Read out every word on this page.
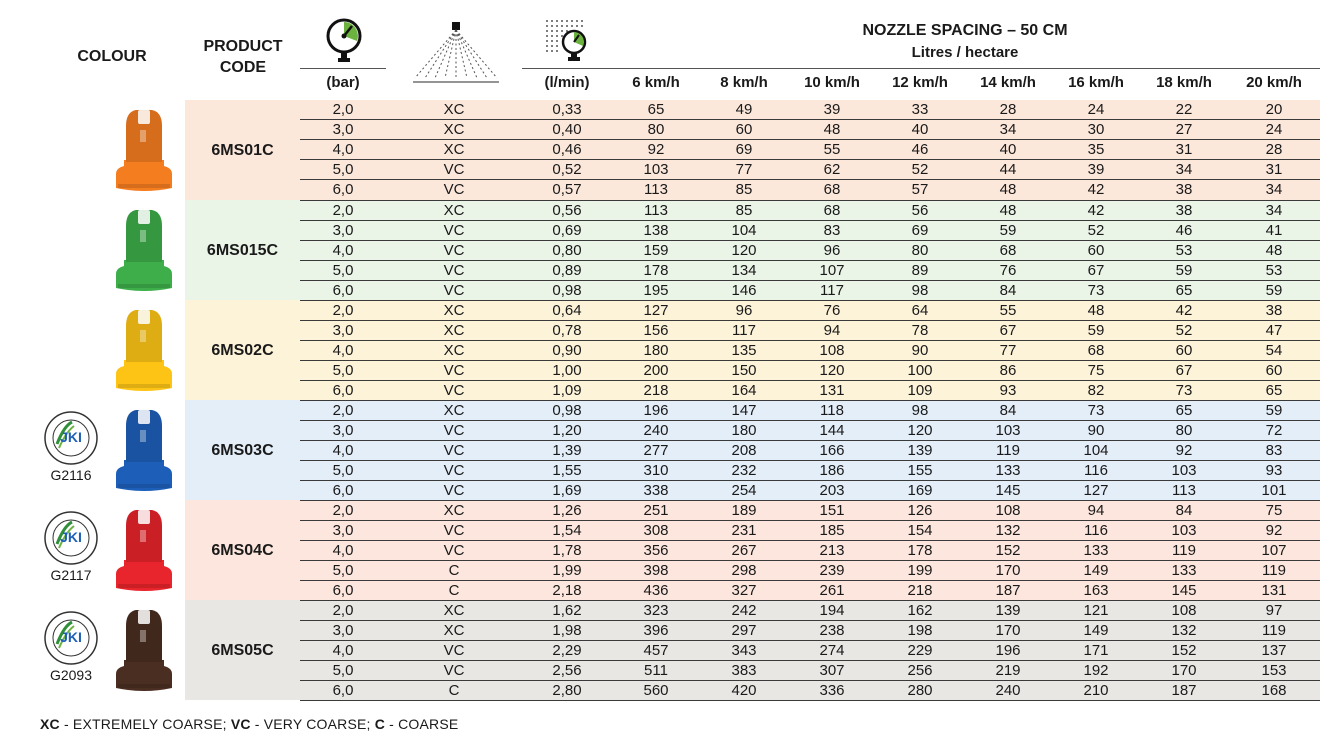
COLOUR
PRODUCT CODE
NOZZLE SPACING – 50 CM
Litres / hectare
(bar)	(l/min)	6 km/h	8 km/h	10 km/h	12 km/h	14 km/h	16 km/h	18 km/h	20 km/h
	6MS01C	2,0	XC	0,33	65	49	39	33	28	24	22	20
		3,0	XC	0,40	80	60	48	40	34	30	27	24
		4,0	XC	0,46	92	69	55	46	40	35	31	28
		5,0	VC	0,52	103	77	62	52	44	39	34	31
		6,0	VC	0,57	113	85	68	57	48	42	38	34

	6MS015C	2,0	XC	0,56	113	85	68	56	48	42	38	34
		3,0	VC	0,69	138	104	83	69	59	52	46	41
		4,0	VC	0,80	159	120	96	80	68	60	53	48
		5,0	VC	0,89	178	134	107	89	76	67	59	53
		6,0	VC	0,98	195	146	117	98	84	73	65	59

	6MS02C	2,0	XC	0,64	127	96	76	64	55	48	42	38
		3,0	XC	0,78	156	117	94	78	67	59	52	47
		4,0	XC	0,90	180	135	108	90	77	68	60	54
		5,0	VC	1,00	200	150	120	100	86	75	67	60
		6,0	VC	1,09	218	164	131	109	93	82	73	65

JKI
G2116	6MS03C	2,0	XC	0,98	196	147	118	98	84	73	65	59
		3,0	VC	1,20	240	180	144	120	103	90	80	72
		4,0	VC	1,39	277	208	166	139	119	104	92	83
		5,0	VC	1,55	310	232	186	155	133	116	103	93
		6,0	VC	1,69	338	254	203	169	145	127	113	101

JKI
G2117	6MS04C	2,0	XC	1,26	251	189	151	126	108	94	84	75
		3,0	VC	1,54	308	231	185	154	132	116	103	92
		4,0	VC	1,78	356	267	213	178	152	133	119	107
		5,0	C	1,99	398	298	239	199	170	149	133	119
		6,0	C	2,18	436	327	261	218	187	163	145	131

JKI
G2093	6MS05C	2,0	XC	1,62	323	242	194	162	139	121	108	97
		3,0	XC	1,98	396	297	238	198	170	149	132	119
		4,0	VC	2,29	457	343	274	229	196	171	152	137
		5,0	VC	2,56	511	383	307	256	219	192	170	153
		6,0	C	2,80	560	420	336	280	240	210	187	168
XC - EXTREMELY COARSE; VC - VERY COARSE; C - COARSE
